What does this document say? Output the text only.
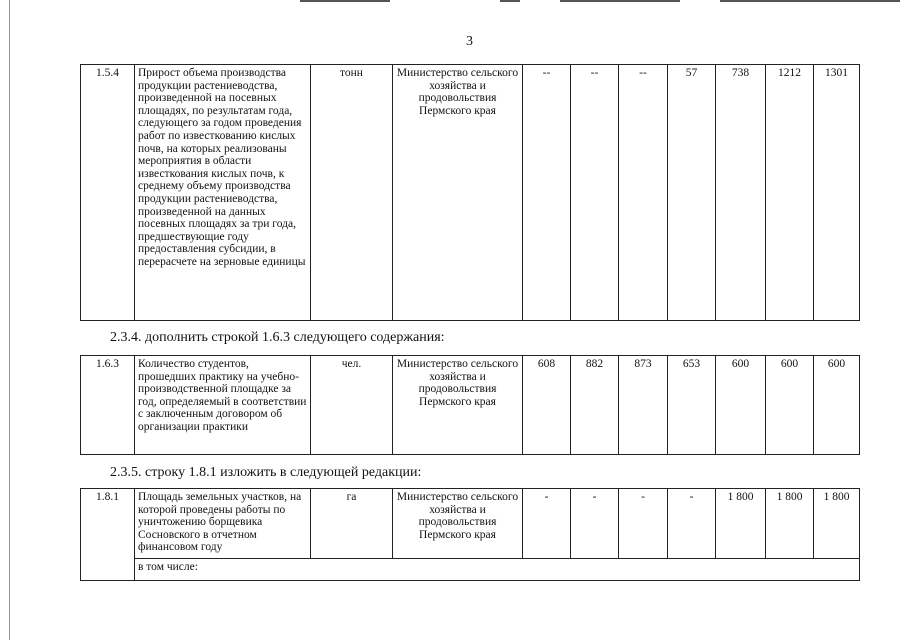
3
1.5.4	Прирост объема производства продукции растениеводства, произведенной на посевных площадях, по результатам года, следующего за годом проведения работ по известкованию кислых почв, на которых реализованы мероприятия в области известкования кислых почв, к среднему объему производства продукции растениеводства, произведенной на данных посевных площадях за три года, предшествующие году предоставления субсидии, в перерасчете на зерновые единицы	тонн	Министерство сельского хозяйства и продовольствия Пермского края	--	--	--	57	738	1212	1301
2.3.4. дополнить строкой 1.6.3 следующего содержания:
1.6.3	Количество студентов, прошедших практику на учебно-производственной площадке за год, определяемый в соответствии с заключенным договором об организации практики	чел.	Министерство сельского хозяйства и продовольствия Пермского края	608	882	873	653	600	600	600
2.3.5. строку 1.8.1 изложить в следующей редакции:
1.8.1	Площадь земельных участков, на которой проведены работы по уничтожению борщевика Сосновского в отчетном финансовом году	га	Министерство сельского хозяйства и продовольствия Пермского края	-	-	-	-	1 800	1 800	1 800
в том числе:
